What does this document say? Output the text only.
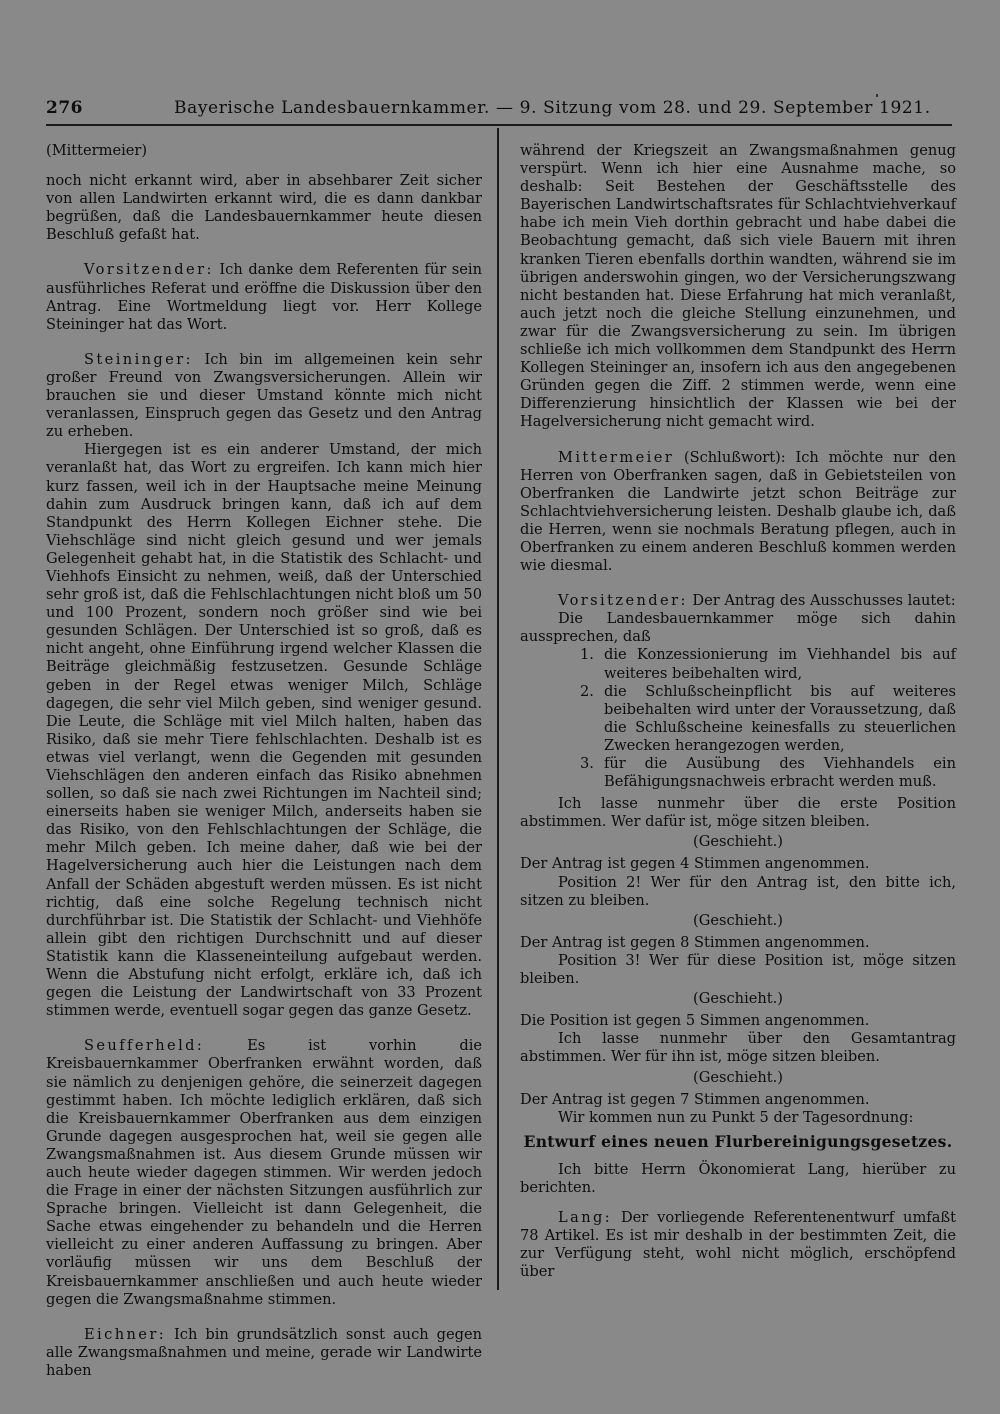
276	Bayerische Landesbauernkammer. — 9. Sitzung vom 28. und 29. September 1921.

(Mittermeier)

noch nicht erkannt wird, aber in absehbarer Zeit sicher von allen Landwirten erkannt wird, die es dann dankbar begrüßen, daß die Landesbauernkammer heute diesen Beschluß gefaßt hat.

Vorsitzender: Ich danke dem Referenten für sein ausführliches Referat und eröffne die Diskussion über den Antrag. Eine Wortmeldung liegt vor. Herr Kollege Steininger hat das Wort.

Steininger: Ich bin im allgemeinen kein sehr großer Freund von Zwangsversicherungen. Allein wir brauchen sie und dieser Umstand könnte mich nicht veranlassen, Einspruch gegen das Gesetz und den Antrag zu erheben.

Hiergegen ist es ein anderer Umstand, der mich veranlaßt hat, das Wort zu ergreifen. Ich kann mich hier kurz fassen, weil ich in der Hauptsache meine Meinung dahin zum Ausdruck bringen kann, daß ich auf dem Standpunkt des Herrn Kollegen Eichner stehe. Die Viehschläge sind nicht gleich gesund und wer jemals Gelegenheit gehabt hat, in die Statistik des Schlacht- und Viehhofs Einsicht zu nehmen, weiß, daß der Unterschied sehr groß ist, daß die Fehlschlachtungen nicht bloß um 50 und 100 Prozent, sondern noch größer sind wie bei gesunden Schlägen. Der Unterschied ist so groß, daß es nicht angeht, ohne Einführung irgend welcher Klassen die Beiträge gleichmäßig festzusetzen. Gesunde Schläge geben in der Regel etwas weniger Milch, Schläge dagegen, die sehr viel Milch geben, sind weniger gesund. Die Leute, die Schläge mit viel Milch halten, haben das Risiko, daß sie mehr Tiere fehlschlachten. Deshalb ist es etwas viel verlangt, wenn die Gegenden mit gesunden Viehschlägen den anderen einfach das Risiko abnehmen sollen, so daß sie nach zwei Richtungen im Nachteil sind; einerseits haben sie weniger Milch, anderseits haben sie das Risiko, von den Fehlschlachtungen der Schläge, die mehr Milch geben. Ich meine daher, daß wie bei der Hagelversicherung auch hier die Leistungen nach dem Anfall der Schäden abgestuft werden müssen. Es ist nicht richtig, daß eine solche Regelung technisch nicht durchführbar ist. Die Statistik der Schlacht- und Viehhöfe allein gibt den richtigen Durchschnitt und auf dieser Statistik kann die Klasseneinteilung aufgebaut werden. Wenn die Abstufung nicht erfolgt, erkläre ich, daß ich gegen die Leistung der Landwirtschaft von 33 Prozent stimmen werde, eventuell sogar gegen das ganze Gesetz.

Seufferheld:	Es ist vorhin die Kreisbauernkammer Oberfranken erwähnt worden, daß sie nämlich zu denjenigen gehöre, die seinerzeit dagegen gestimmt haben. Ich möchte lediglich erklären, daß sich die Kreisbauernkammer Oberfranken aus dem einzigen Grunde dagegen ausgesprochen hat, weil sie gegen alle Zwangsmaßnahmen ist. Aus diesem Grunde müssen wir auch heute wieder dagegen stimmen. Wir werden jedoch die Frage in einer der nächsten Sitzungen ausführlich zur Sprache bringen. Vielleicht ist dann Gelegenheit, die Sache etwas eingehender zu behandeln und die Herren vielleicht zu einer anderen Auffassung zu bringen. Aber vorläufig müssen wir uns dem Beschluß der Kreisbauernkammer anschließen und auch heute wieder gegen die Zwangsmaßnahme stimmen.

Eichner: Ich bin grundsätzlich sonst auch gegen alle Zwangsmaßnahmen und meine, gerade wir Landwirte haben

während der Kriegszeit an Zwangsmaßnahmen genug verspürt. Wenn ich hier eine Ausnahme mache, so deshalb: Seit Bestehen der Geschäftsstelle des Bayerischen Landwirtschaftsrates für Schlachtviehverkauf habe ich mein Vieh dorthin gebracht und habe dabei die Beobachtung gemacht, daß sich viele Bauern mit ihren kranken Tieren ebenfalls dorthin wandten, während sie im übrigen anderswohin gingen, wo der Versicherungszwang nicht bestanden hat. Diese Erfahrung hat mich veranlaßt, auch jetzt noch die gleiche Stellung einzunehmen, und zwar für die Zwangsversicherung zu sein. Im übrigen schließe ich mich vollkommen dem Standpunkt des Herrn Kollegen Steininger an, insofern ich aus den angegebenen Gründen gegen die Ziff. 2 stimmen werde, wenn eine Differenzierung hinsichtlich der Klassen wie bei der Hagelversicherung nicht gemacht wird.

Mittermeier (Schlußwort): Ich möchte nur den Herren von Oberfranken sagen, daß in Gebietsteilen von Oberfranken die Landwirte jetzt schon Beiträge zur Schlachtviehversicherung leisten. Deshalb glaube ich, daß die Herren, wenn sie nochmals Beratung pflegen, auch in Oberfranken zu einem anderen Beschluß kommen werden wie diesmal.

Vorsitzender: Der Antrag des Ausschusses lautet:

Die Landesbauernkammer möge sich dahin aussprechen, daß

1. die Konzessionierung im Viehhandel bis auf weiteres beibehalten wird,
2. die Schlußscheinpflicht bis auf weiteres beibehalten wird unter der Voraussetzung, daß die Schlußscheine keinesfalls zu steuerlichen Zwecken herangezogen werden,
3. für die Ausübung des Viehhandels ein Befähigungsnachweis erbracht werden muß.

Ich lasse nunmehr über die erste Position abstimmen. Wer dafür ist, möge sitzen bleiben.

(Geschieht.)

Der Antrag ist gegen 4 Stimmen angenommen.

Position 2! Wer für den Antrag ist, den bitte ich, sitzen zu bleiben.

(Geschieht.)

Der Antrag ist gegen 8 Stimmen angenommen.

Position 3! Wer für diese Position ist, möge sitzen bleiben.

(Geschieht.)

Die Position ist gegen 5 Simmen angenommen.

Ich lasse nunmehr über den Gesamtantrag abstimmen. Wer für ihn ist, möge sitzen bleiben.

(Geschieht.)

Der Antrag ist gegen 7 Stimmen angenommen.

Wir kommen nun zu Punkt 5 der Tagesordnung:

Entwurf eines neuen Flurbereinigungsgesetzes.

Ich bitte Herrn Ökonomierat Lang, hierüber zu berichten.

Lang: Der vorliegende Referentenentwurf umfaßt 78 Artikel. Es ist mir deshalb in der bestimmten Zeit, die zur Verfügung steht, wohl nicht möglich, erschöpfend über
